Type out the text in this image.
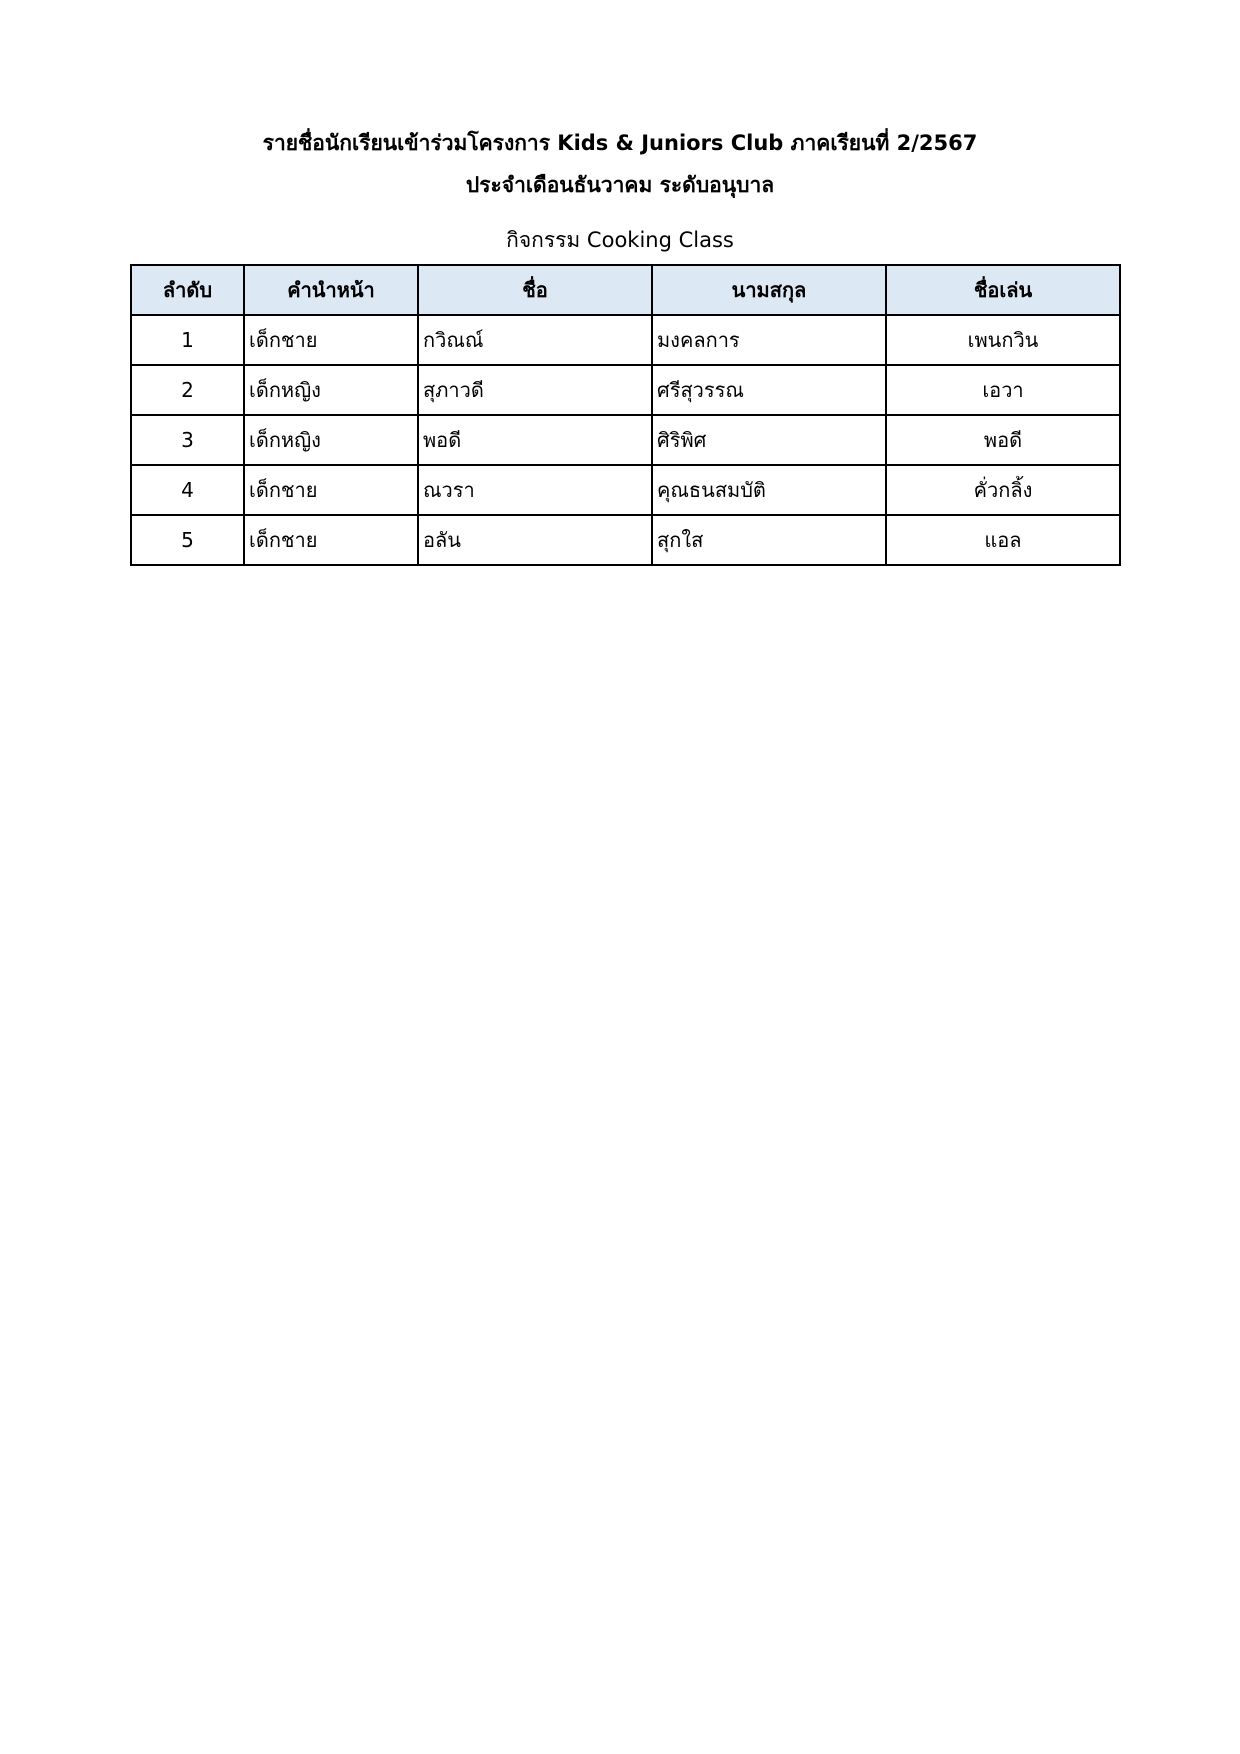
รายชื่อนักเรียนเข้าร่วมโครงการ Kids & Juniors Club ภาคเรียนที่ 2/2567
ประจำเดือนธันวาคม ระดับอนุบาล
กิจกรรม Cooking Class
ลำดับ	คำนำหน้า	ชื่อ	นามสกุล	ชื่อเล่น
1	เด็กชาย	กวิณณ์	มงคลการ	เพนกวิน
2	เด็กหญิง	สุภาวดี	ศรีสุวรรณ	เอวา
3	เด็กหญิง	พอดี	ศิริพิศ	พอดี
4	เด็กชาย	ณวรา	คุณธนสมบัติ	คั่วกลิ้ง
5	เด็กชาย	อลัน	สุกใส	แอล
